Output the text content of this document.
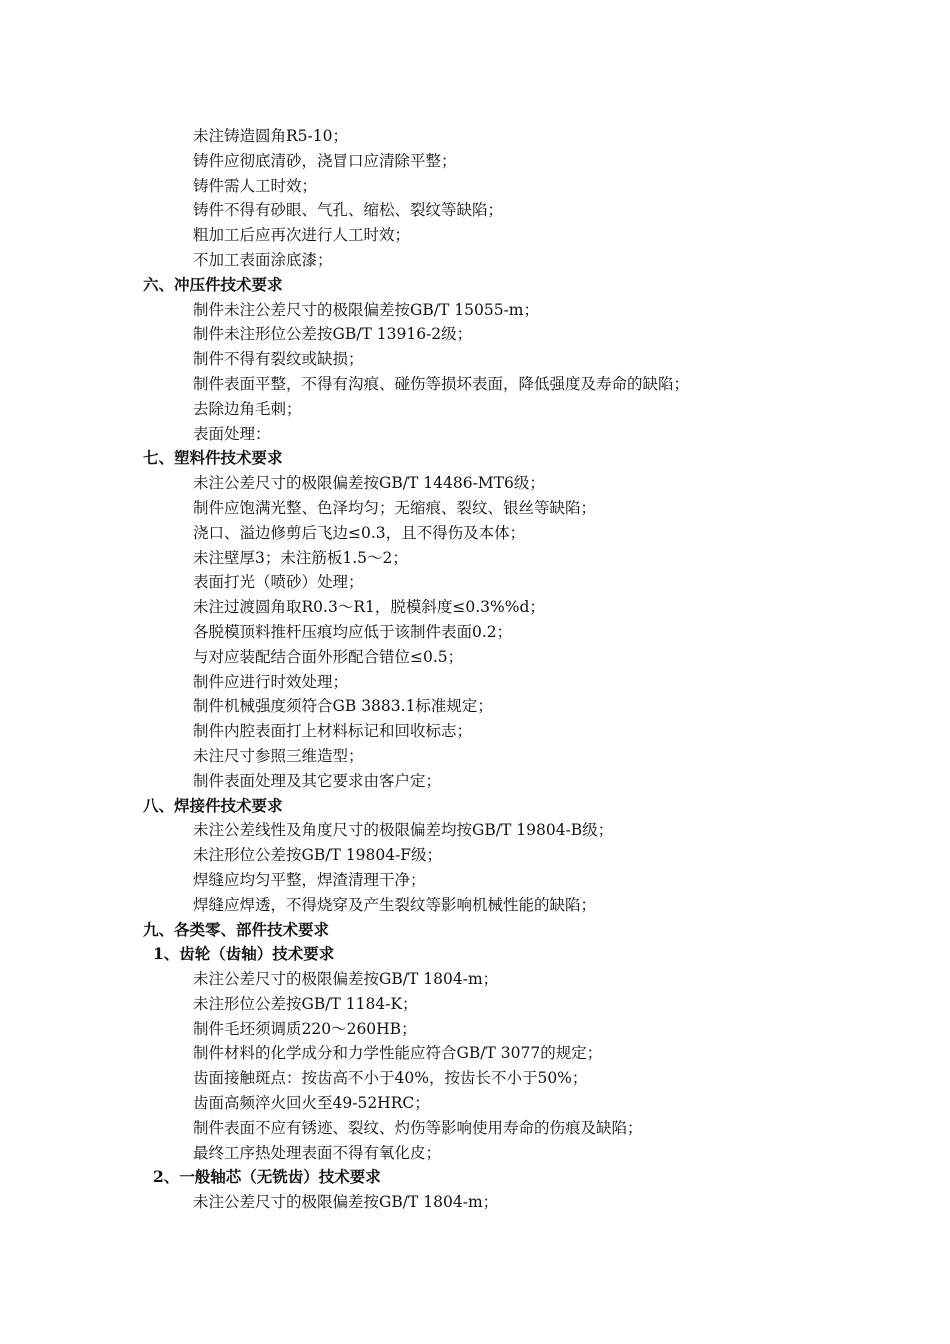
未注铸造圆角R5-10；
铸件应彻底清砂，浇冒口应清除平整；
铸件需人工时效；
铸件不得有砂眼、气孔、缩松、裂纹等缺陷；
粗加工后应再次进行人工时效；
不加工表面涂底漆；
六、冲压件技术要求
制件未注公差尺寸的极限偏差按GB/T 15055-m；
制件未注形位公差按GB/T 13916-2级；
制件不得有裂纹或缺损；
制件表面平整，不得有沟痕、碰伤等损坏表面，降低强度及寿命的缺陷；
去除边角毛刺；
表面处理：
七、塑料件技术要求
未注公差尺寸的极限偏差按GB/T 14486-MT6级；
制件应饱满光整、色泽均匀；无缩痕、裂纹、银丝等缺陷；
浇口、溢边修剪后飞边≤0.3，且不得伤及本体；
未注壁厚3；未注筋板1.5～2；
表面打光（喷砂）处理；
未注过渡圆角取R0.3～R1，脱模斜度≤0.3%%d；
各脱模顶料推杆压痕均应低于该制件表面0.2；
与对应装配结合面外形配合错位≤0.5；
制件应进行时效处理；
制件机械强度须符合GB 3883.1标准规定；
制件内腔表面打上材料标记和回收标志；
未注尺寸参照三维造型；
制件表面处理及其它要求由客户定；
八、焊接件技术要求
未注公差线性及角度尺寸的极限偏差均按GB/T 19804-B级；
未注形位公差按GB/T 19804-F级；
焊缝应均匀平整，焊渣清理干净；
焊缝应焊透，不得烧穿及产生裂纹等影响机械性能的缺陷；
九、各类零、部件技术要求
1、齿轮（齿轴）技术要求
未注公差尺寸的极限偏差按GB/T 1804-m；
未注形位公差按GB/T 1184-K；
制件毛坯须调质220～260HB；
制件材料的化学成分和力学性能应符合GB/T 3077的规定；
齿面接触斑点：按齿高不小于40%，按齿长不小于50%；
齿面高频淬火回火至49-52HRC；
制件表面不应有锈迹、裂纹、灼伤等影响使用寿命的伤痕及缺陷；
最终工序热处理表面不得有氧化皮；
2、一般轴芯（无铣齿）技术要求
未注公差尺寸的极限偏差按GB/T 1804-m；
